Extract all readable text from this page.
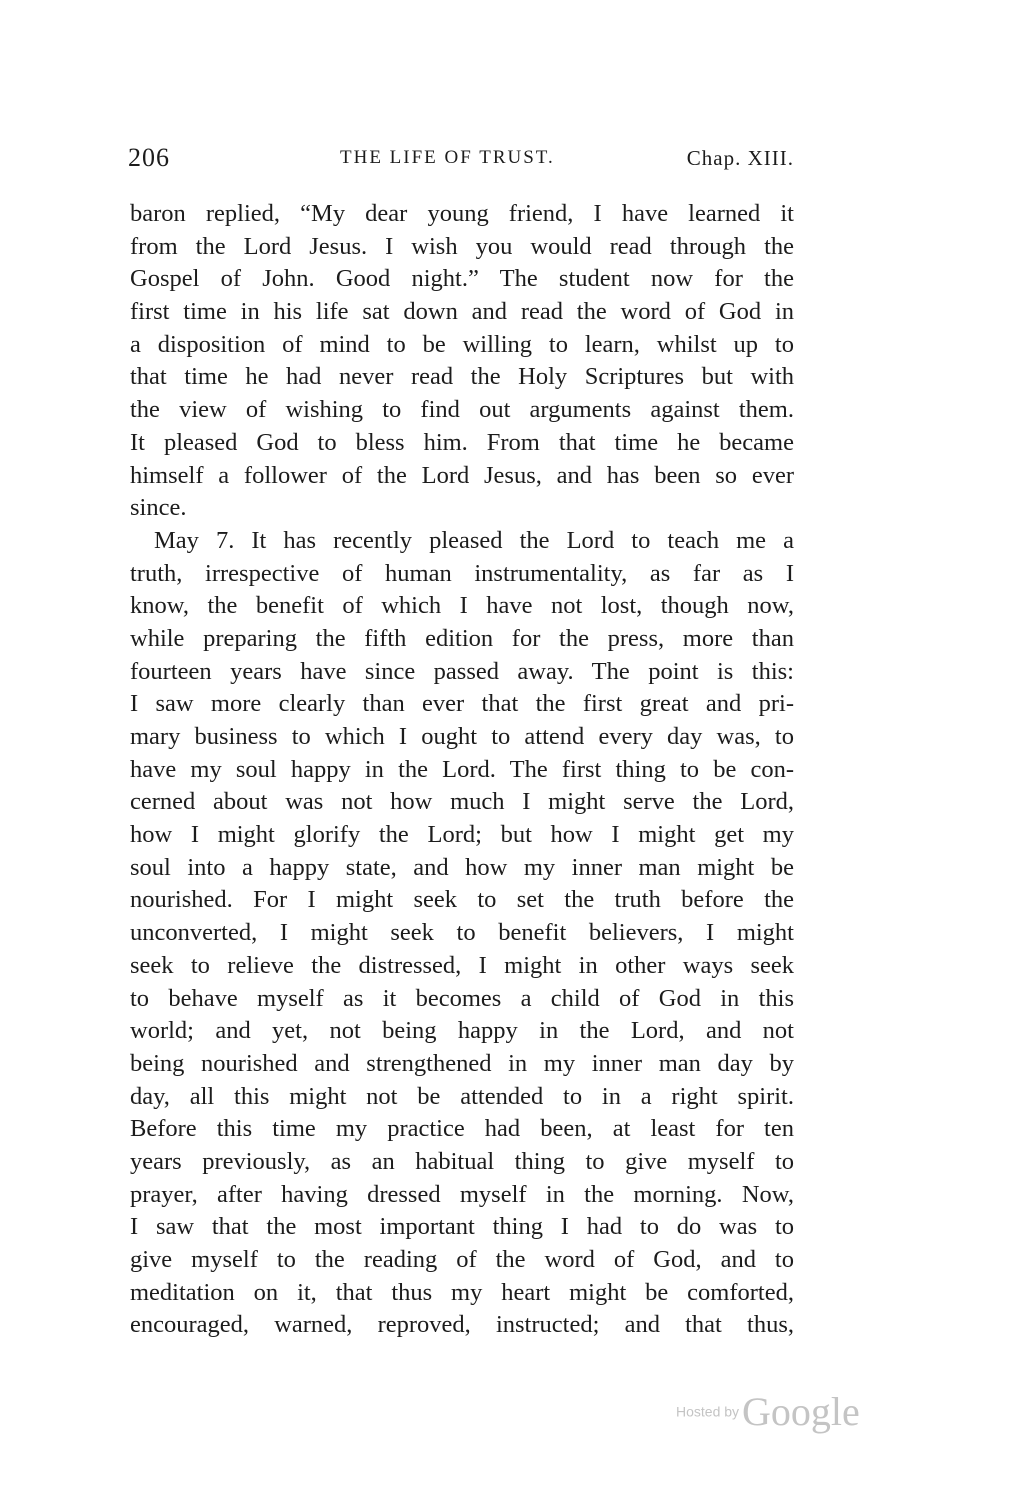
206	THE LIFE OF TRUST.	Chap. XIII.
baron replied, “My dear young friend, I have learned it
from the Lord Jesus. I wish you would read through the
Gospel of John. Good night.” The student now for the
first time in his life sat down and read the word of God in
a disposition of mind to be willing to learn, whilst up to
that time he had never read the Holy Scriptures but with
the view of wishing to find out arguments against them.
It pleased God to bless him. From that time he became
himself a follower of the Lord Jesus, and has been so ever
since.
May 7. It has recently pleased the Lord to teach me a
truth, irrespective of human instrumentality, as far as I
know, the benefit of which I have not lost, though now,
while preparing the fifth edition for the press, more than
fourteen years have since passed away. The point is this:
I saw more clearly than ever that the first great and pri-
mary business to which I ought to attend every day was, to
have my soul happy in the Lord. The first thing to be con-
cerned about was not how much I might serve the Lord,
how I might glorify the Lord; but how I might get my
soul into a happy state, and how my inner man might be
nourished. For I might seek to set the truth before the
unconverted, I might seek to benefit believers, I might
seek to relieve the distressed, I might in other ways seek
to behave myself as it becomes a child of God in this
world; and yet, not being happy in the Lord, and not
being nourished and strengthened in my inner man day by
day, all this might not be attended to in a right spirit.
Before this time my practice had been, at least for ten
years previously, as an habitual thing to give myself to
prayer, after having dressed myself in the morning. Now,
I saw that the most important thing I had to do was to
give myself to the reading of the word of God, and to
meditation on it, that thus my heart might be comforted,
encouraged, warned, reproved, instructed; and that thus,
Hosted byGoogle
